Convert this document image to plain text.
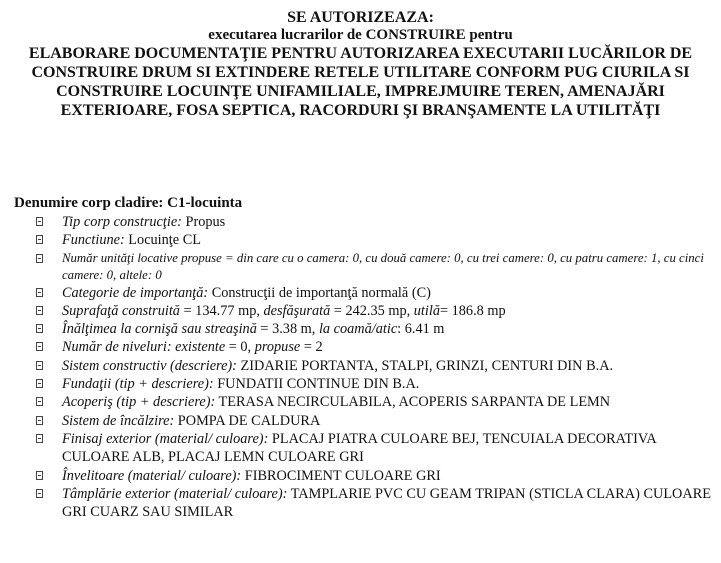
SE AUTORIZEAZA:
executarea lucrarilor de CONSTRUIRE pentru
ELABORARE DOCUMENTAŢIE PENTRU AUTORIZAREA EXECUTARII LUCĂRILOR DE CONSTRUIRE DRUM SI EXTINDERE RETELE UTILITARE CONFORM PUG CIURILA SI CONSTRUIRE LOCUINŢE UNIFAMILIALE, IMPREJMUIRE TEREN, AMENAJĂRI EXTERIOARE, FOSA SEPTICA, RACORDURI ŞI BRANŞAMENTE LA UTILITĂŢI
Denumire corp cladire: C1-locuinta
Tip corp construcţie: Propus
Functiune: Locuinţe CL
Număr unităţi locative propuse = din care cu o camera: 0, cu două camere: 0, cu trei camere: 0, cu patru camere: 1, cu cinci camere: 0, altele: 0
Categorie de importanţă: Construcţii de importanţă normală (C)
Suprafaţă construită = 134.77 mp, desfăşurată = 242.35 mp, utilă= 186.8 mp
Înălţimea la cornişă sau streaşină = 3.38 m, la coamă/atic: 6.41 m
Număr de niveluri: existente = 0, propuse = 2
Sistem constructiv (descriere): ZIDARIE PORTANTA, STALPI, GRINZI, CENTURI DIN B.A.
Fundaţii (tip + descriere): FUNDATII CONTINUE DIN B.A.
Acoperiş (tip + descriere): TERASA NECIRCULABILA, ACOPERIS SARPANTA DE LEMN
Sistem de încălzire: POMPA DE CALDURA
Finisaj exterior (material/ culoare): PLACAJ PIATRA CULOARE BEJ, TENCUIALA DECORATIVA CULOARE ALB, PLACAJ LEMN CULOARE GRI
Învelitoare (material/ culoare): FIBROCIMENT CULOARE GRI
Tâmplărie exterior (material/ culoare): TAMPLARIE PVC CU GEAM TRIPAN (STICLA CLARA) CULOARE GRI CUARZ SAU SIMILAR
